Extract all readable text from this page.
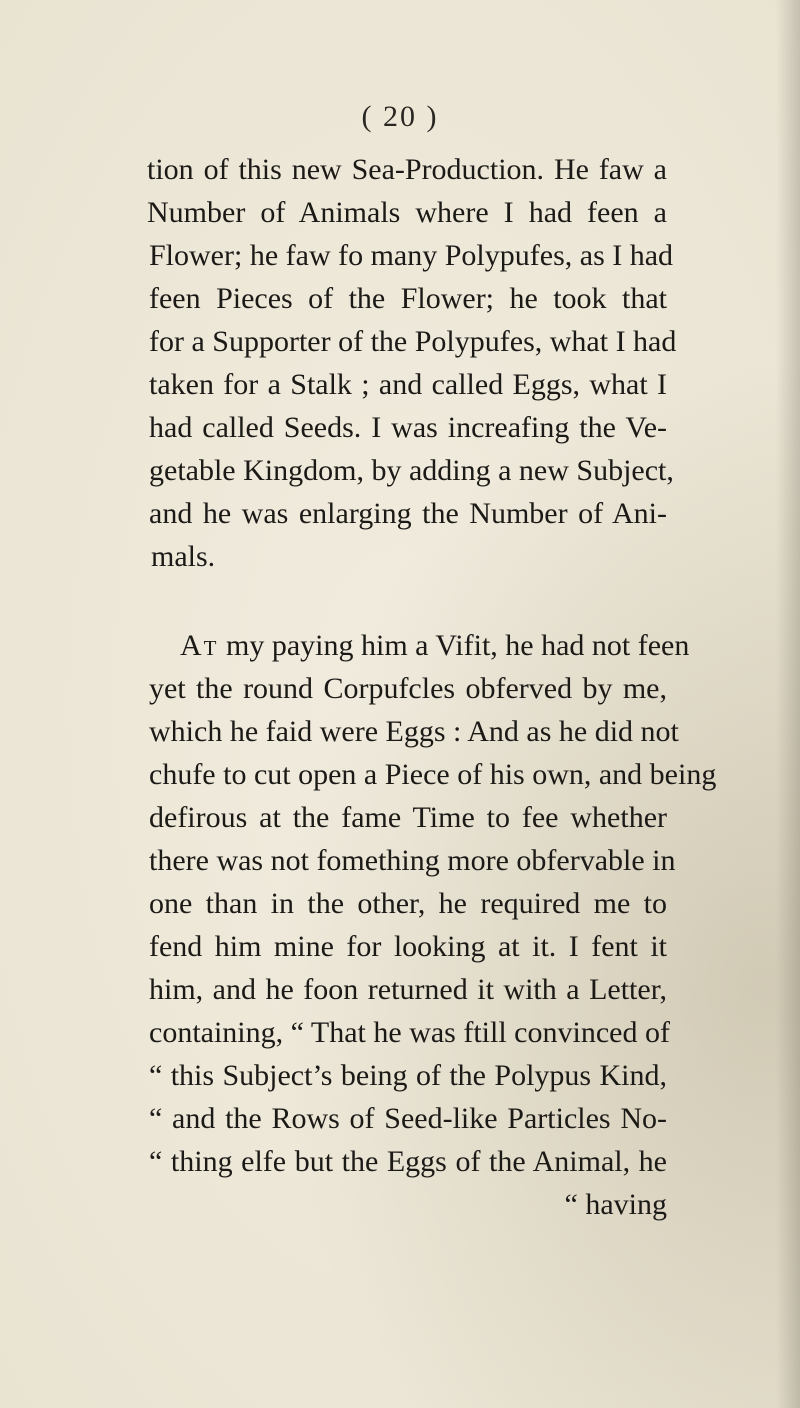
( 20 )
tion of this new Sea-Production. He faw a
Number of Animals where I had feen a
Flower; he faw fo many Polypufes, as I had
feen Pieces of the Flower; he took that
for a Supporter of the Polypufes, what I had
taken for a Stalk ; and called Eggs, what I
had called Seeds. I was increafing the Ve-
getable Kingdom, by adding a new Subject,
and he was enlarging the Number of Ani-
mals.
At my paying him a Vifit, he had not feen
yet the round Corpufcles obferved by me,
which he faid were Eggs : And as he did not
chufe to cut open a Piece of his own, and being
defirous at the fame Time to fee whether
there was not fomething more obfervable in
one than in the other, he required me to
fend him mine for looking at it. I fent it
him, and he foon returned it with a Letter,
containing, “ That he was ftill convinced of
“ this Subject’s being of the Polypus Kind,
“ and the Rows of Seed-like Particles No-
“ thing elfe but the Eggs of the Animal, he
“ having
